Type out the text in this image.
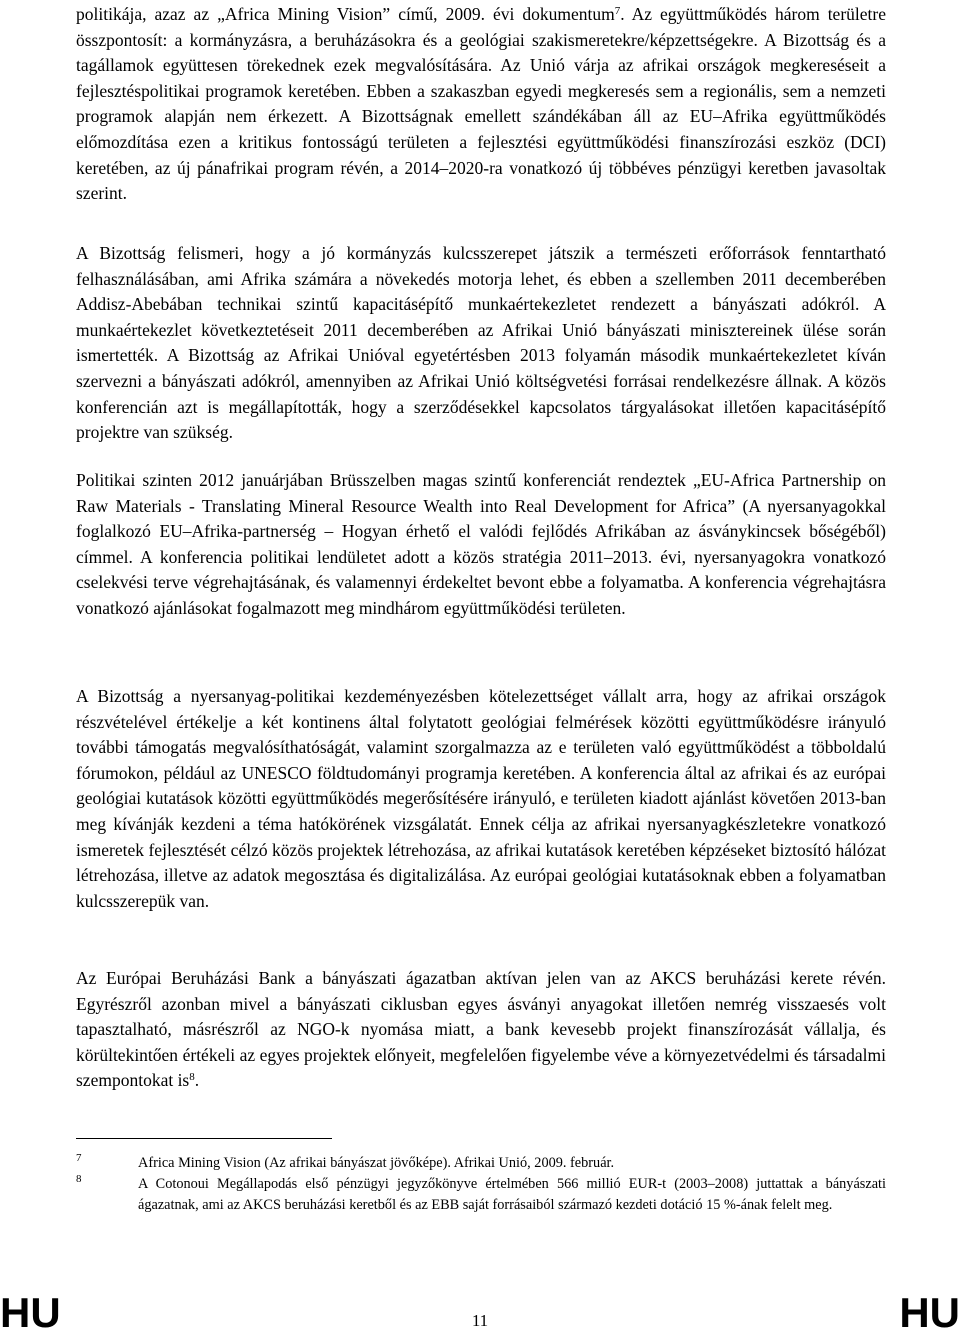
politikája, azaz az „Africa Mining Vision” című, 2009. évi dokumentum$^7$. Az együttműködés három területre összpontosít: a kormányzásra, a beruházásokra és a geológiai szakismeretekre/képzettségekre. A Bizottság és a tagállamok együttesen törekednek ezek megvalósítására. Az Unió várja az afrikai országok megkereséseit a fejlesztéspolitikai programok keretében. Ebben a szakaszban egyedi megkeresés sem a regionális, sem a nemzeti programok alapján nem érkezett. A Bizottságnak emellett szándékában áll az EU–Afrika együttműködés előmozdítása ezen a kritikus fontosságú területen a fejlesztési együttműködési finanszírozási eszköz (DCI) keretében, az új pánafrikai program révén, a 2014–2020-ra vonatkozó új többéves pénzügyi keretben javasoltak szerint.

A Bizottság felismeri, hogy a jó kormányzás kulcsszerepet játszik a természeti erőforrások fenntartható felhasználásában, ami Afrika számára a növekedés motorja lehet, és ebben a szellemben 2011 decemberében Addisz-Abebában technikai szintű kapacitásépítő munkaértekezletet rendezett a bányászati adókról. A munkaértekezlet következtetéseit 2011 decemberében az Afrikai Unió bányászati minisztereinek ülése során ismertették. A Bizottság az Afrikai Unióval egyetértésben 2013 folyamán második munkaértekezletet kíván szervezni a bányászati adókról, amennyiben az Afrikai Unió költségvetési forrásai rendelkezésre állnak. A közös konferencián azt is megállapították, hogy a szerződésekkel kapcsolatos tárgyalásokat illetően kapacitásépítő projektre van szükség.

Politikai szinten 2012 januárjában Brüsszelben magas szintű konferenciát rendeztek „EU-Africa Partnership on Raw Materials - Translating Mineral Resource Wealth into Real Development for Africa” (A nyersanyagokkal foglalkozó EU–Afrika-partnerség – Hogyan érhető el valódi fejlődés Afrikában az ásványkincsek bőségéből) címmel. A konferencia politikai lendületet adott a közös stratégia 2011–2013. évi, nyersanyagokra vonatkozó cselekvési terve végrehajtásának, és valamennyi érdekeltet bevont ebbe a folyamatba. A konferencia végrehajtásra vonatkozó ajánlásokat fogalmazott meg mindhárom együttműködési területen.

A Bizottság a nyersanyag-politikai kezdeményezésben kötelezettséget vállalt arra, hogy az afrikai országok részvételével értékelje a két kontinens által folytatott geológiai felmérések közötti együttműködésre irányuló további támogatás megvalósíthatóságát, valamint szorgalmazza az e területen való együttműködést a többoldalú fórumokon, például az UNESCO földtudományi programja keretében. A konferencia által az afrikai és az európai geológiai kutatások közötti együttműködés megerősítésére irányuló, e területen kiadott ajánlást követően 2013-ban meg kívánják kezdeni a téma hatókörének vizsgálatát. Ennek célja az afrikai nyersanyagkészletekre vonatkozó ismeretek fejlesztését célzó közös projektek létrehozása, az afrikai kutatások keretében képzéseket biztosító hálózat létrehozása, illetve az adatok megosztása és digitalizálása. Az európai geológiai kutatásoknak ebben a folyamatban kulcsszerepük van.

Az Európai Beruházási Bank a bányászati ágazatban aktívan jelen van az AKCS beruházási kerete révén. Egyrészről azonban mivel a bányászati ciklusban egyes ásványi anyagokat illetően nemrég visszaesés volt tapasztalható, másrészről az NGO-k nyomása miatt, a bank kevesebb projekt finanszírozását vállalja, és körültekintően értékeli az egyes projektek előnyeit, megfelelően figyelembe véve a környezetvédelmi és társadalmi szempontokat $is^8$.

7	Africa Mining Vision (Az afrikai bányászat jövőképe). Afrikai Unió, 2009. február.
8	A Cotonoui Megállapodás első pénzügyi jegyzőkönyve értelmében 566 millió EUR-t (2003–2008) juttattak a bányászati ágazatnak, ami az AKCS beruházási keretből és az EBB saját forrásaiból származó kezdeti dotáció 15 %-ának felelt meg.
HU	11	HU
